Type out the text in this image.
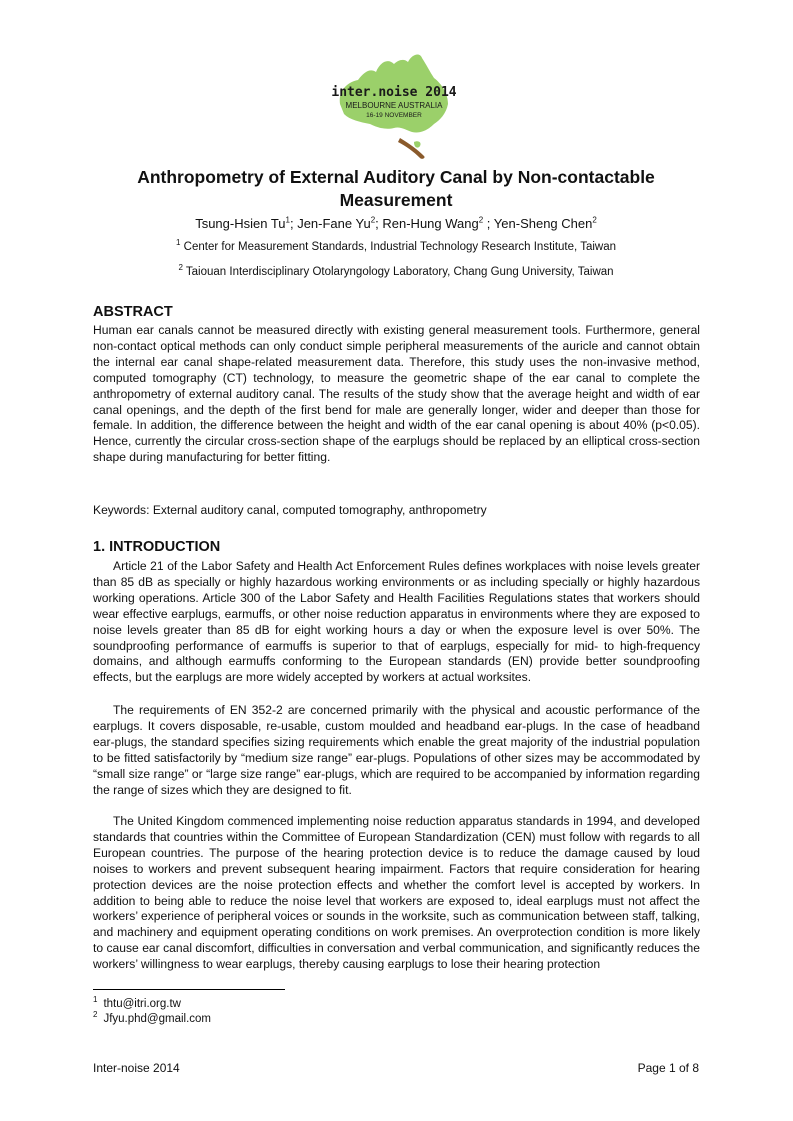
inter.noise 2014
MELBOURNE AUSTRALIA
16-19 NOVEMBER
Anthropometry of External Auditory Canal by Non-contactable Measurement
Tsung-Hsien Tu$^1$; Jen-Fane Yu$^2$; Ren-Hung Wang$^2$ ; Yen-Sheng Chen$^2$
$^1$ Center for Measurement Standards, Industrial Technology Research Institute, Taiwan
$^2$ Taiouan Interdisciplinary Otolaryngology Laboratory, Chang Gung University, Taiwan
ABSTRACT

Human ear canals cannot be measured directly with existing general measurement tools. Furthermore, general non-contact optical methods can only conduct simple peripheral measurements of the auricle and cannot obtain the internal ear canal shape-related measurement data. Therefore, this study uses the non-invasive method, computed tomography (CT) technology, to measure the geometric shape of the ear canal to complete the anthropometry of external auditory canal. The results of the study show that the average height and width of ear canal openings, and the depth of the first bend for male are generally longer, wider and deeper than those for female. In addition, the difference between the height and width of the ear canal opening is about 40% (p<0.05). Hence, currently the circular cross-section shape of the earplugs should be replaced by an elliptical cross-section shape during manufacturing for better fitting.

Keywords: External auditory canal, computed tomography, anthropometry

1. INTRODUCTION

Article 21 of the Labor Safety and Health Act Enforcement Rules defines workplaces with noise levels greater than 85 dB as specially or highly hazardous working environments or as including specially or highly hazardous working operations. Article 300 of the Labor Safety and Health Facilities Regulations states that workers should wear effective earplugs, earmuffs, or other noise reduction apparatus in environments where they are exposed to noise levels greater than 85 dB for eight working hours a day or when the exposure level is over 50%. The soundproofing performance of earmuffs is superior to that of earplugs, especially for mid- to high-frequency domains, and although earmuffs conforming to the European standards (EN) provide better soundproofing effects, but the earplugs are more widely accepted by workers at actual worksites.

The requirements of EN 352-2 are concerned primarily with the physical and acoustic performance of the earplugs. It covers disposable, re-usable, custom moulded and headband ear-plugs. In the case of headband ear-plugs, the standard specifies sizing requirements which enable the great majority of the industrial population to be fitted satisfactorily by “medium size range” ear-plugs. Populations of other sizes may be accommodated by “small size range” or “large size range” ear-plugs, which are required to be accompanied by information regarding the range of sizes which they are designed to fit.

The United Kingdom commenced implementing noise reduction apparatus standards in 1994, and developed standards that countries within the Committee of European Standardization (CEN) must follow with regards to all European countries. The purpose of the hearing protection device is to reduce the damage caused by loud noises to workers and prevent subsequent hearing impairment. Factors that require consideration for hearing protection devices are the noise protection effects and whether the comfort level is accepted by workers. In addition to being able to reduce the noise level that workers are exposed to, ideal earplugs must not affect the workers’ experience of peripheral voices or sounds in the worksite, such as communication between staff, talking, and machinery and equipment operating conditions on work premises. An overprotection condition is more likely to cause ear canal discomfort, difficulties in conversation and verbal communication, and significantly reduces the workers’ willingness to wear earplugs, thereby causing earplugs to lose their hearing protection

$^1$ thtu@itri.org.tw
$^2$ Jfyu.phd@gmail.com
Inter-noise 2014	Page 1 of 8
